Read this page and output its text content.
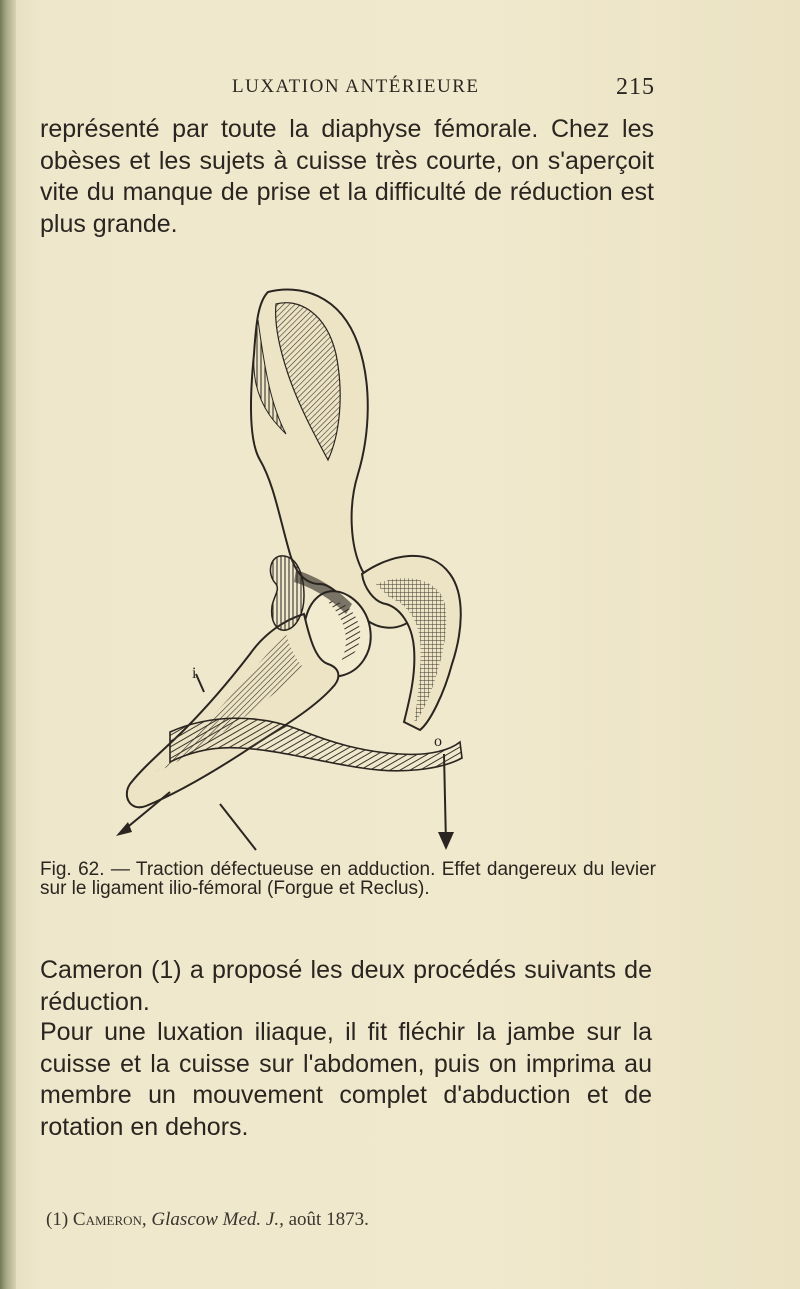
LUXATION ANTÉRIEURE	215

représenté par toute la diaphyse fémorale. Chez les obèses et les sujets à cuisse très courte, on s'aperçoit vite du manque de prise et la difficulté de réduction est plus grande.

i
o
Fig. 62. — Traction défectueuse en adduction. Effet dangereux du levier sur le ligament ilio-fémoral (Forgue et Reclus).

Cameron (1) a proposé les deux procédés suivants de réduction.

Pour une luxation iliaque, il fit fléchir la jambe sur la cuisse et la cuisse sur l'abdomen, puis on imprima au membre un mouvement complet d'abduction et de rotation en dehors.

(1) Cameron, Glascow Med. J., août 1873.
